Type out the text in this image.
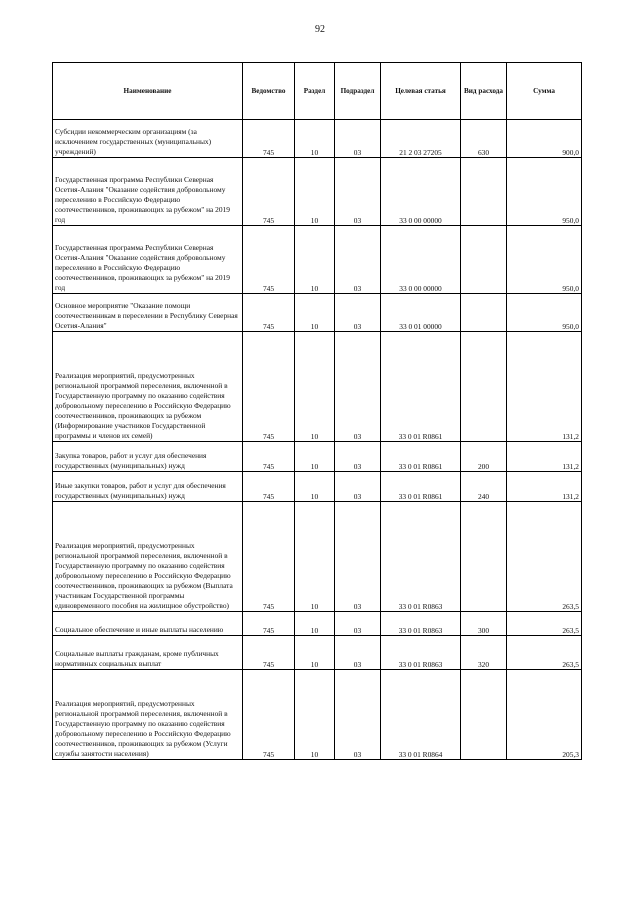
92
Наименование	Ведомство	Раздел	Подраздел	Целевая статья	Вид расхода	Сумма
Субсидии некоммерческим организациям (за исключением государственных (муниципальных) учреждений)	745	10	03	21 2 03 27205	630	900,0
Государственная программа Республики Северная Осетия-Алания "Оказание содействия добровольному переселению в Российскую Федерацию соотечественников, проживающих за рубежом" на 2019 год	745	10	03	33 0 00 00000		950,0
Государственная программа Республики Северная Осетия-Алания "Оказание содействия добровольному переселению в Российскую Федерацию соотечественников, проживающих за рубежом" на 2019 год	745	10	03	33 0 00 00000		950,0
Основное мероприятие "Оказание помощи соотечественникам в переселении в Республику Северная Осетия-Алания"	745	10	03	33 0 01 00000		950,0
Реализация мероприятий, предусмотренных региональной программой переселения, включенной в Государственную программу по оказанию содействия добровольному переселению в Российскую Федерацию соотечественников, проживающих за рубежом (Информирование участников Государственной программы и членов их семей)	745	10	03	33 0 01 R0861		131,2
Закупка товаров, работ и услуг для обеспечения государственных (муниципальных) нужд	745	10	03	33 0 01 R0861	200	131,2
Иные закупки товаров, работ и услуг для обеспечения государственных (муниципальных) нужд	745	10	03	33 0 01 R0861	240	131,2
Реализация мероприятий, предусмотренных региональной программой переселения, включенной в Государственную программу по оказанию содействия добровольному переселению в Российскую Федерацию соотечественников, проживающих за рубежом (Выплата участникам Государственной программы единовременного пособия на жилищное обустройство)	745	10	03	33 0 01 R0863		263,5
Социальное обеспечение и иные выплаты населению	745	10	03	33 0 01 R0863	300	263,5
Социальные выплаты гражданам, кроме публичных нормативных социальных выплат	745	10	03	33 0 01 R0863	320	263,5
Реализация мероприятий, предусмотренных региональной программой переселения, включенной в Государственную программу по оказанию содействия добровольному переселению в Российскую Федерацию соотечественников, проживающих за рубежом (Услуги службы занятости населения)	745	10	03	33 0 01 R0864		205,3
